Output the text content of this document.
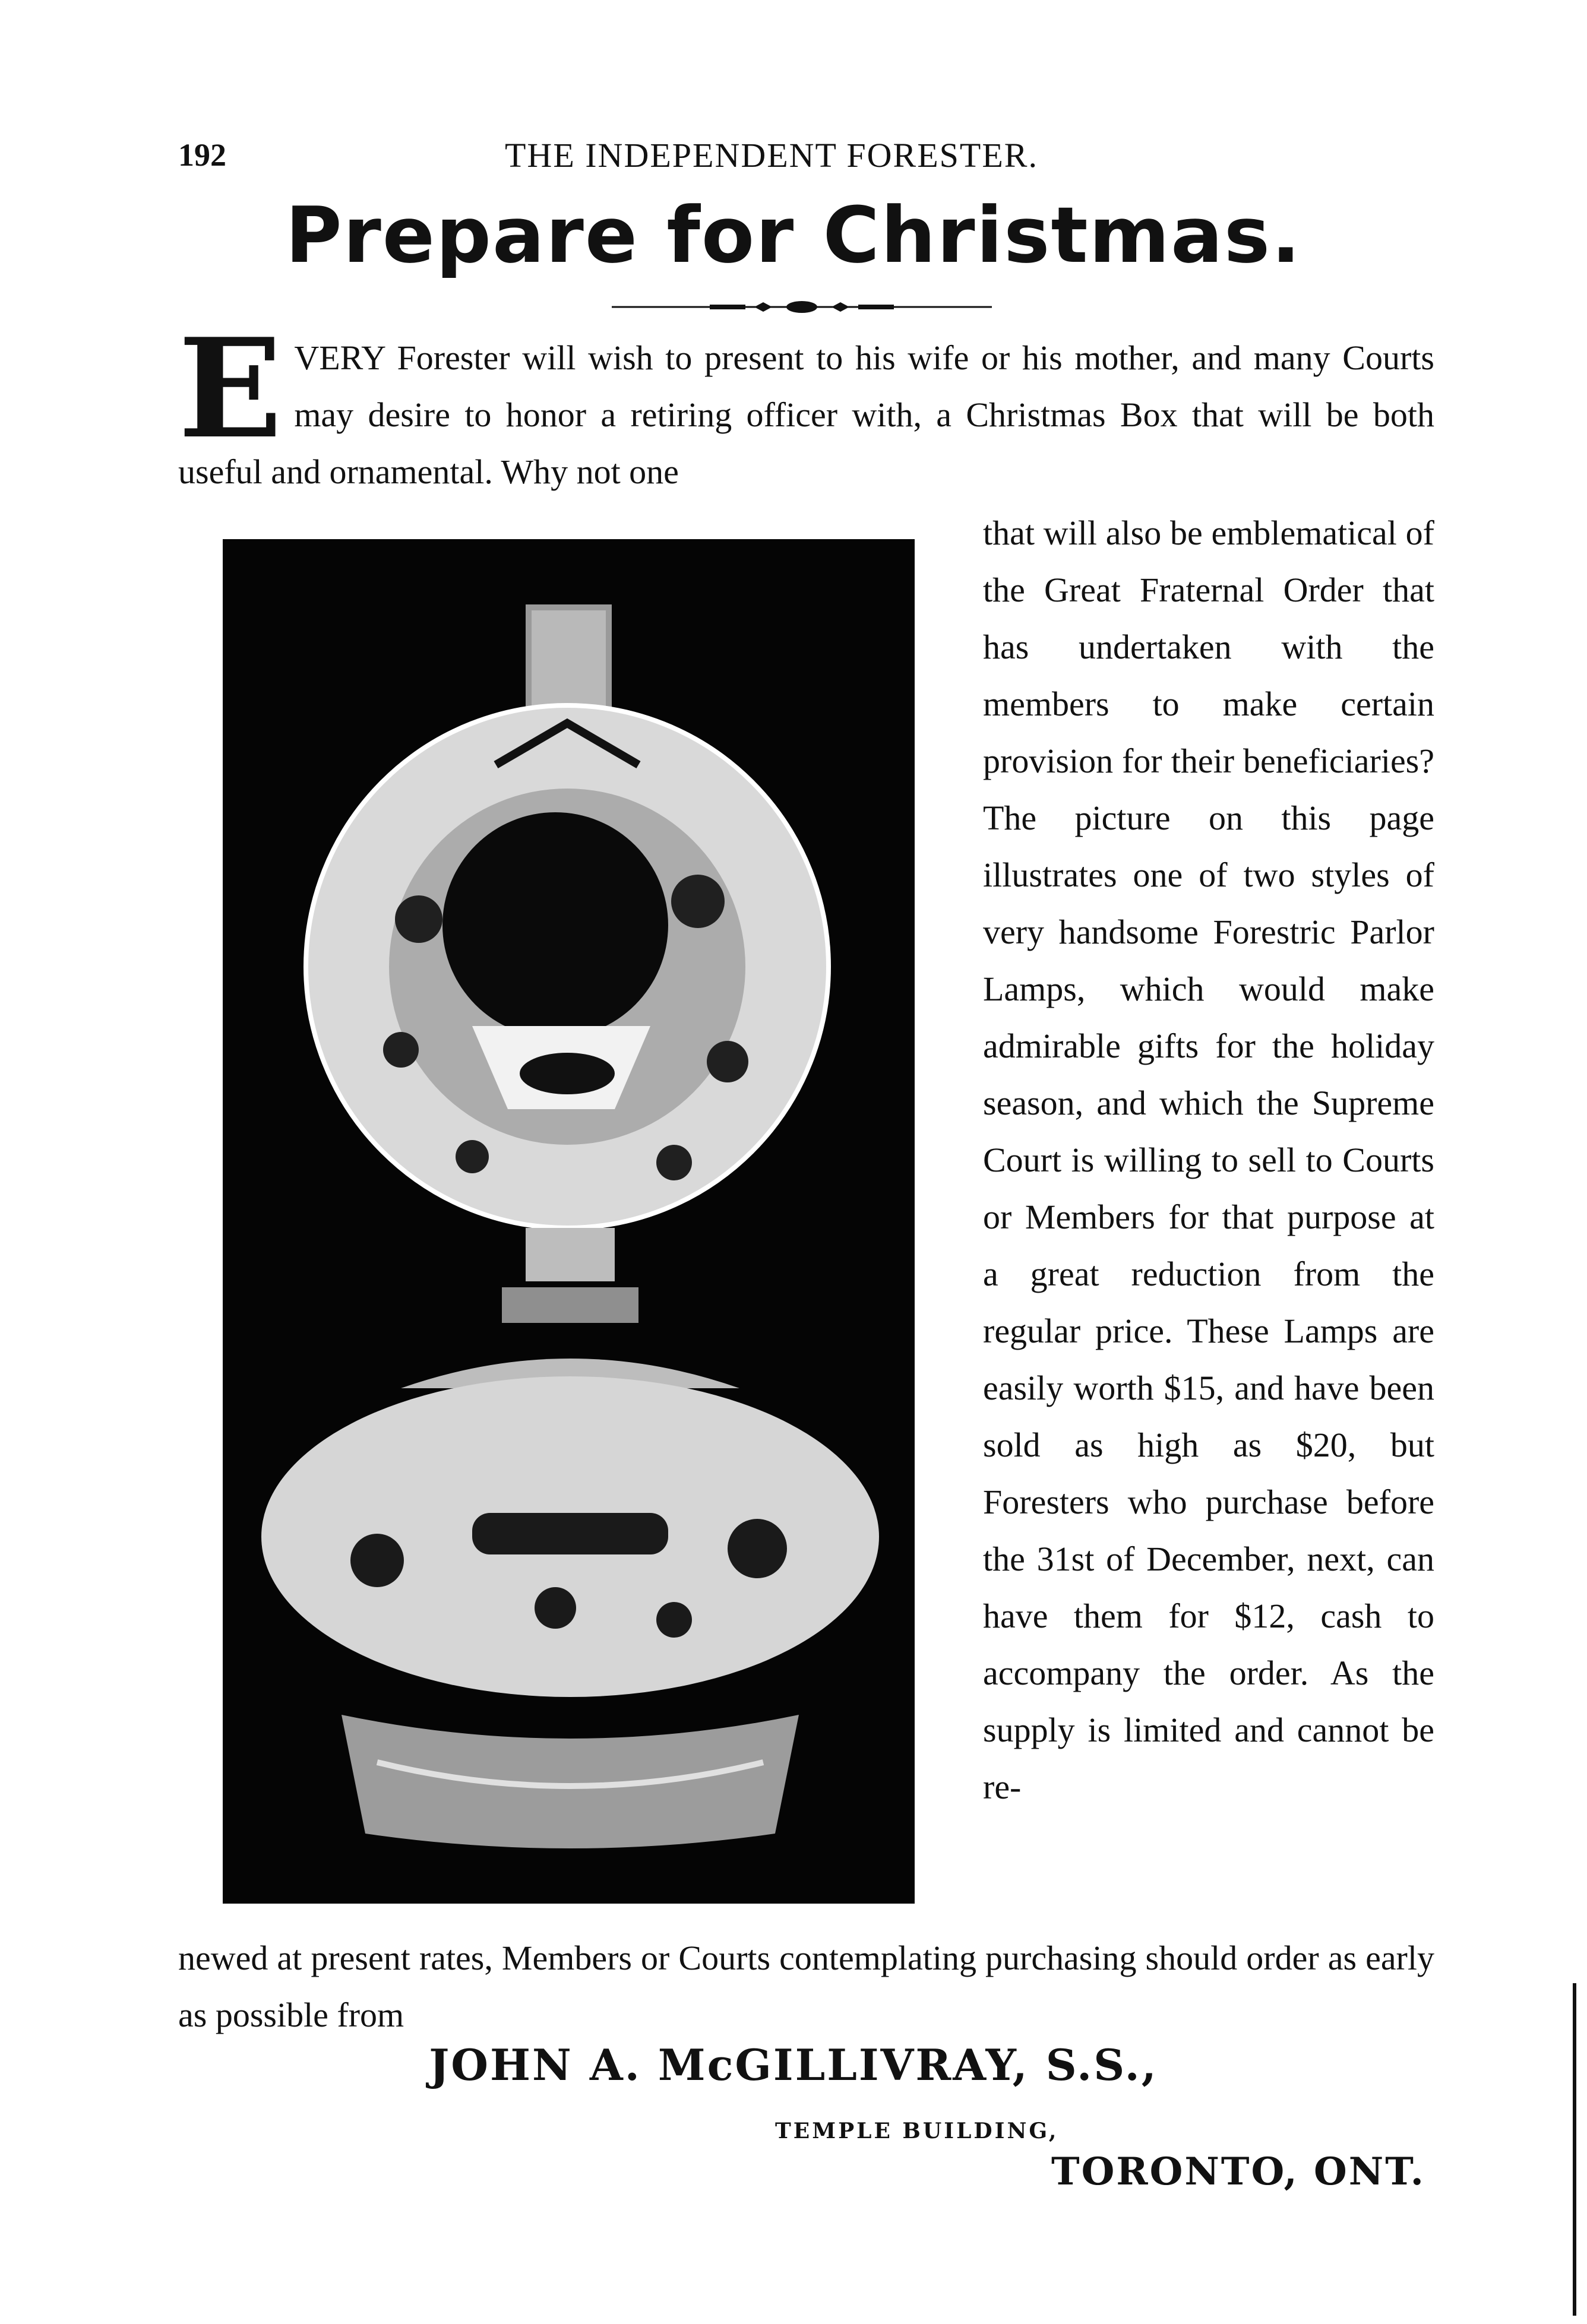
192	THE INDEPENDENT FORESTER.
Prepare for Christmas.
E VERY Forester will wish to present to his wife or his mother, and many Courts may desire to honor a retiring officer with, a Christmas Box that will be both useful and ornamental. Why not one

that will also be emblematical of the Great Fraternal Order that has undertaken with the members to make certain provision for their beneficiaries? The picture on this page illustrates one of two styles of very handsome Forestric Parlor Lamps, which would make admirable gifts for the holiday season, and which the Supreme Court is willing to sell to Courts or Members for that purpose at a great reduction from the regular price. These Lamps are easily worth $15, and have been sold as high as $20, but Foresters who purchase before the 31st of December, next, can have them for $12, cash to accompany the order. As the supply is limited and cannot be re-

newed at present rates, Members or Courts contemplating purchasing should order as early as possible from

JOHN A. McGILLIVRAY, S.S.,
TEMPLE BUILDING,
TORONTO, ONT.
